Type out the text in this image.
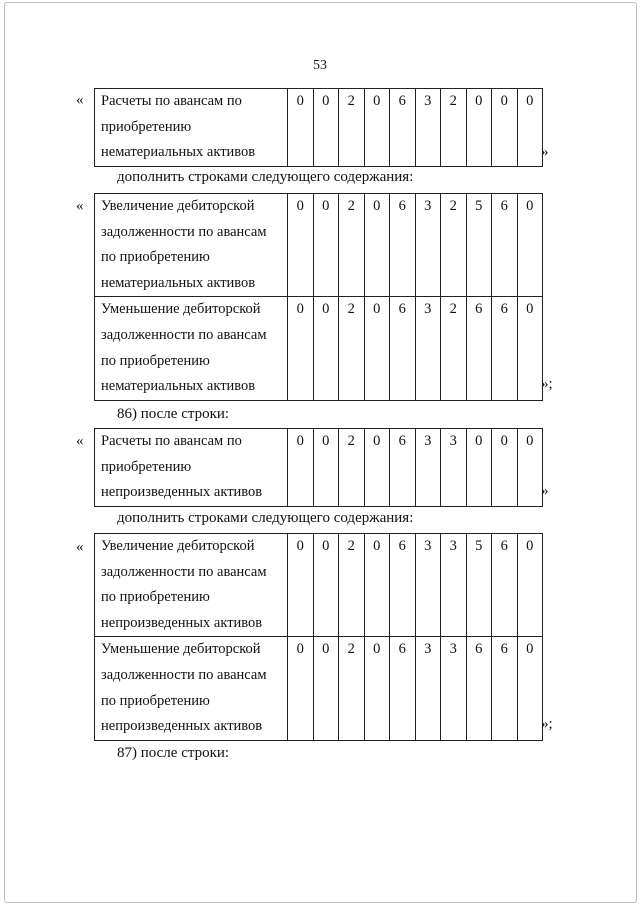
53
« Расчеты по авансам по
приобретению
нематериальных активов
	0	0	2	0	6	3	2	0	0	0
»
дополнить строками следующего содержания:
« Увеличение дебиторской
задолженности по авансам
по приобретению
нематериальных активов	0	0	2	0	6	3	2	5	6	0

Уменьшение дебиторской
задолженности по авансам
по приобретению
нематериальных активов	0	0	2	0	6	3	2	6	6	0
»;
86) после строки:
« Расчеты по авансам по
приобретению
непроизведенных активов
	0	0	2	0	6	3	3	0	0	0
»
дополнить строками следующего содержания:
« Увеличение дебиторской
задолженности по авансам
по приобретению
непроизведенных активов	0	0	2	0	6	3	3	5	6	0

Уменьшение дебиторской
задолженности по авансам
по приобретению
непроизведенных активов	0	0	2	0	6	3	3	6	6	0
»;
87) после строки:
